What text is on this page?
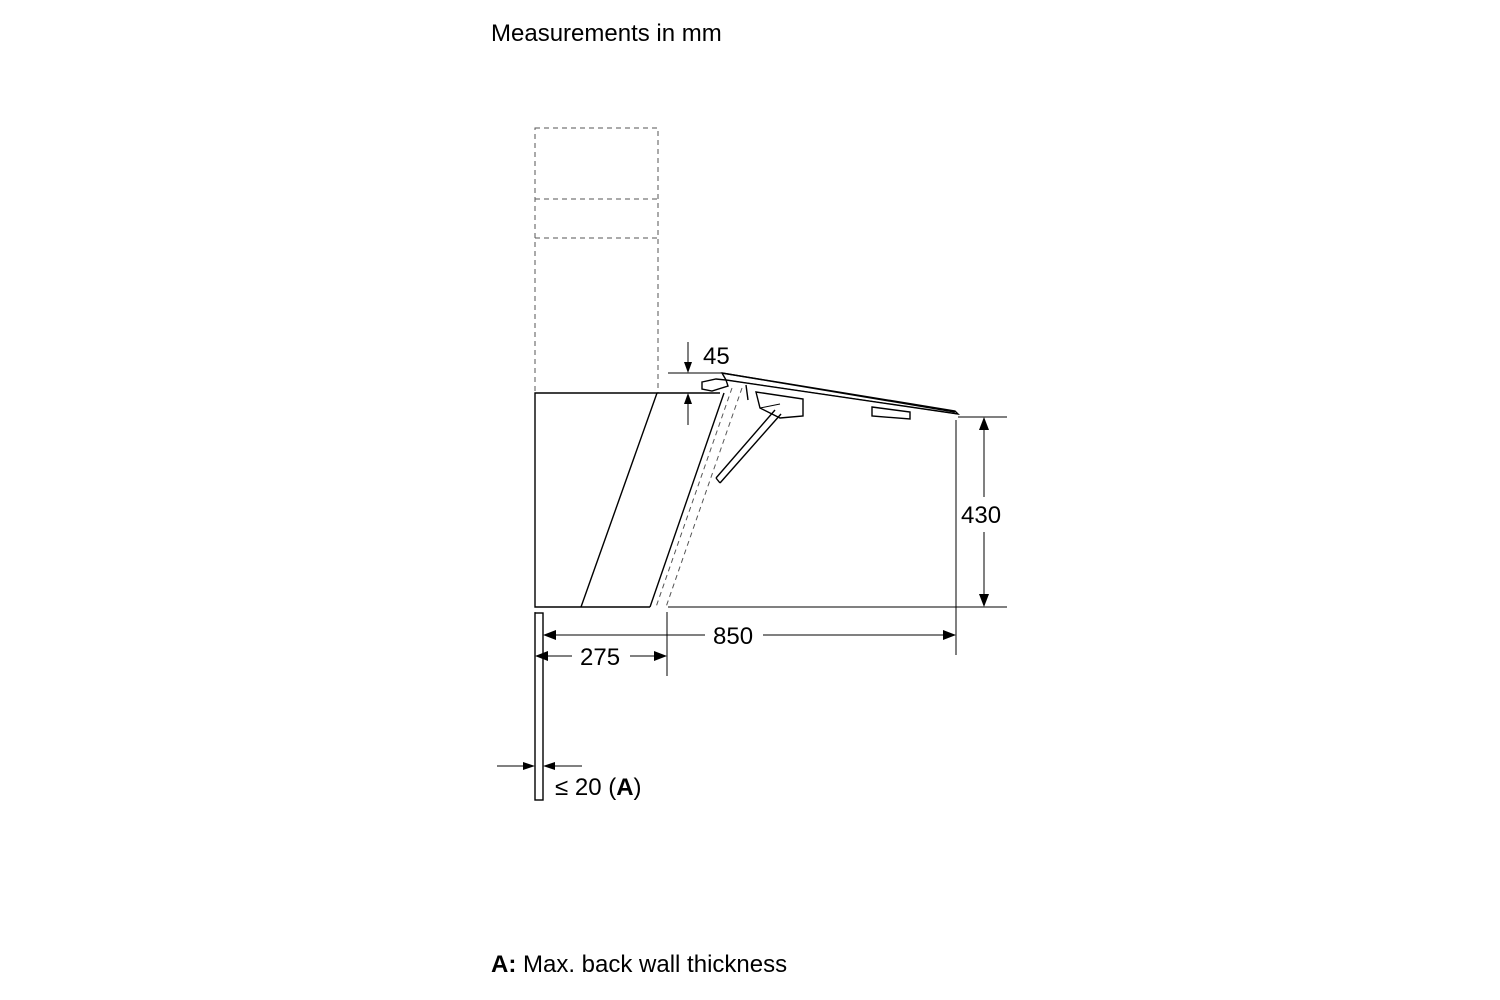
Measurements in mm
45
430
850
275
≤ 20 (A)
A: Max. back wall thickness
